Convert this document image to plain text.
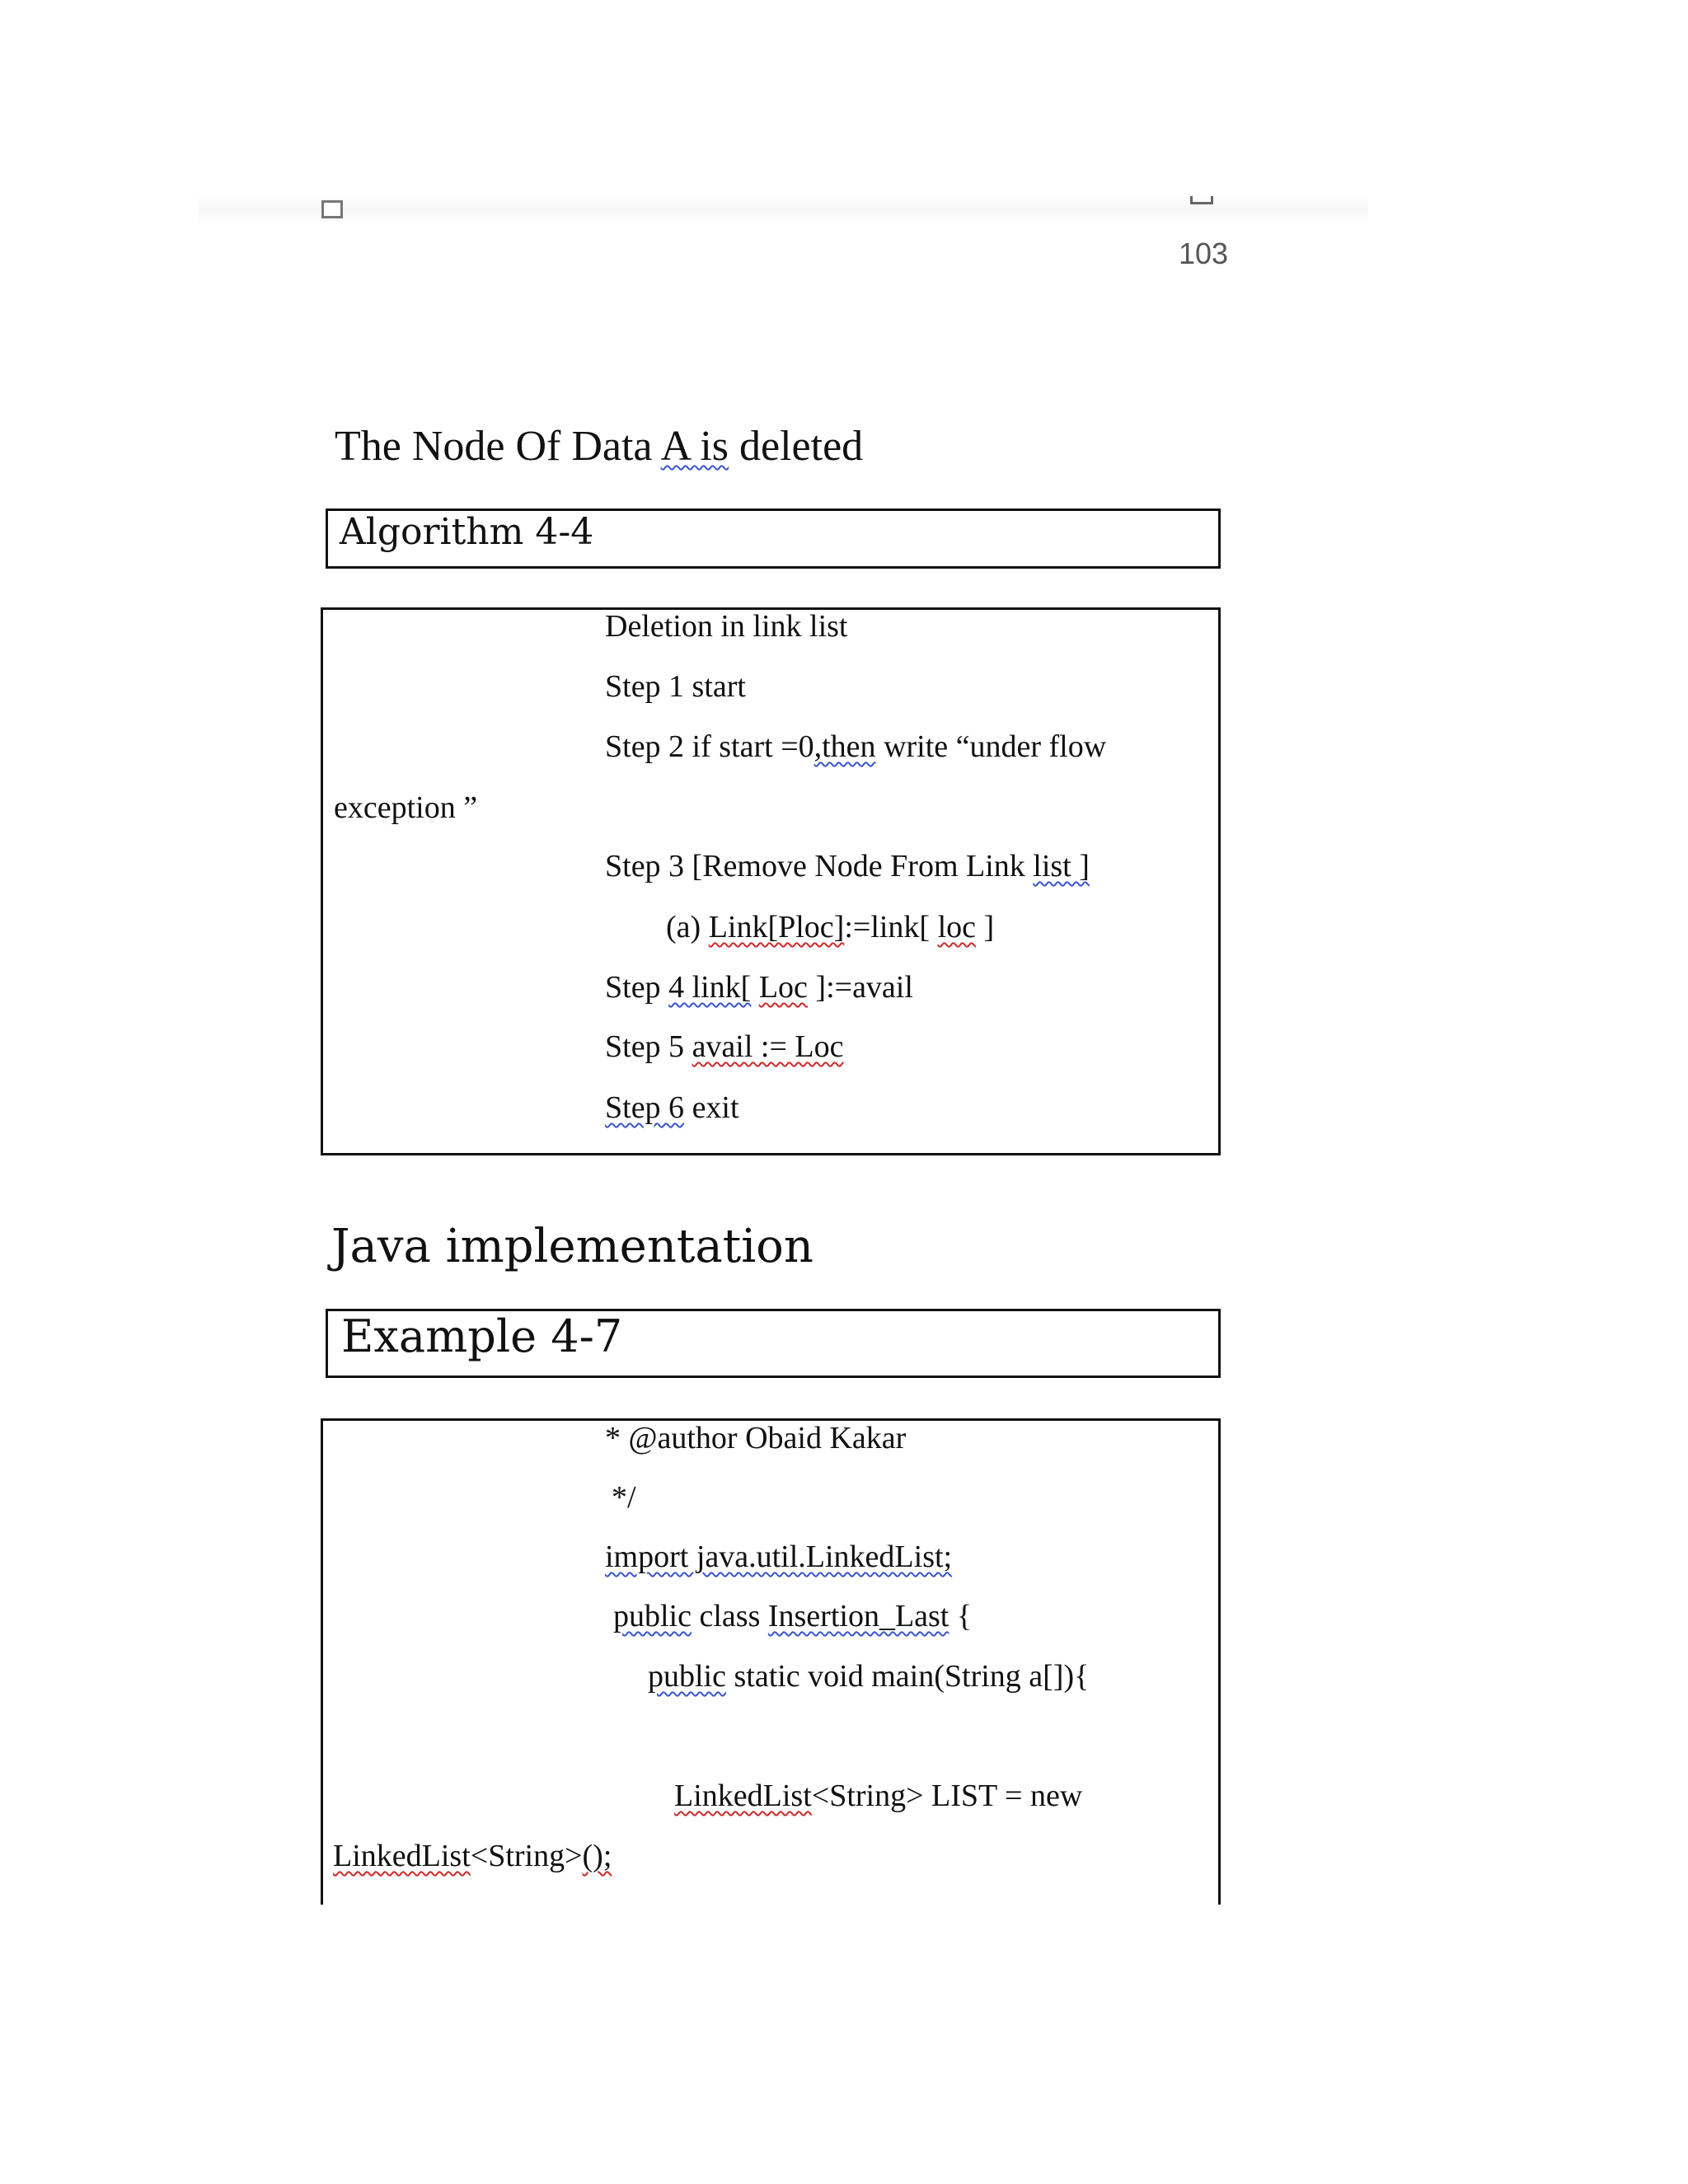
103
The Node Of Data A is deleted
Algorithm 4-4
Deletion in link list
Step 1 start
Step 2 if start =0,then write “under flow
exception ”
Step 3 [Remove Node From Link list ]
(a) Link[Ploc]:=link[ loc ]
Step 4 link[ Loc ]:=avail
Step 5 avail := Loc
Step 6 exit
Java implementation
Example 4-7
* @author Obaid Kakar
*/
import java.util.LinkedList;
public class Insertion_Last {
public static void main(String a[]){
LinkedList<String> LIST = new
LinkedList<String>();
